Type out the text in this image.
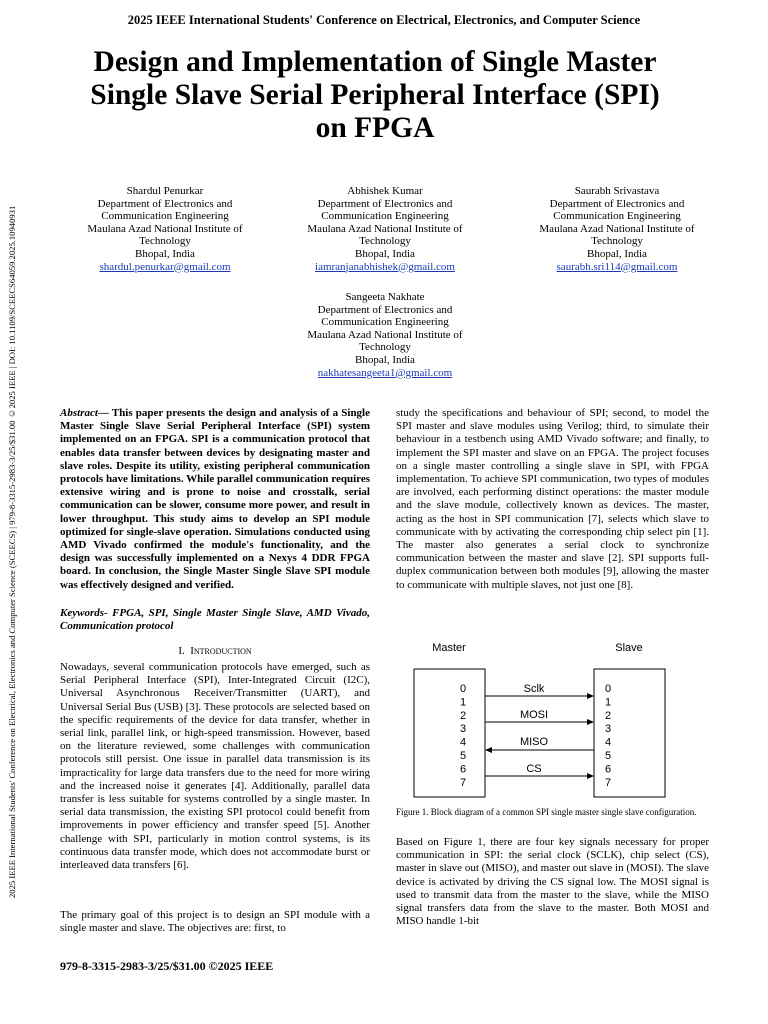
2025 IEEE International Students' Conference on Electrical, Electronics, and Computer Science
2025 IEEE International Students' Conference on Electrical, Electronics and Computer Science (SCEECS) | 979-8-3315-2983-3/25/$31.00 ©2025 IEEE | DOI: 10.1109/SCEECS64059.2025.10940931
Design and Implementation of Single Master Single Slave Serial Peripheral Interface (SPI) on FPGA
Shardul Penurkar
Department of Electronics and
Communication Engineering
Maulana Azad National Institute of
Technology
Bhopal, India
shardul.penurkar@gmail.com
Abhishek Kumar
Department of Electronics and
Communication Engineering
Maulana Azad National Institute of
Technology
Bhopal, India
iamranjanabhishek@gmail.com
Saurabh Srivastava
Department of Electronics and
Communication Engineering
Maulana Azad National Institute of
Technology
Bhopal, India
saurabh.sri114@gmail.com
Sangeeta Nakhate
Department of Electronics and
Communication Engineering
Maulana Azad National Institute of
Technology
Bhopal, India
nakhatesangeeta1@gmail.com
Abstract— This paper presents the design and analysis of a Single Master Single Slave Serial Peripheral Interface (SPI) system implemented on an FPGA. SPI is a communication protocol that enables data transfer between devices by designating master and slave roles. Despite its utility, existing peripheral communication protocols have limitations. While parallel communication requires extensive wiring and is prone to noise and crosstalk, serial communication can be slower, consume more power, and result in lower throughput. This study aims to develop an SPI module optimized for single-slave operation. Simulations conducted using AMD Vivado confirmed the module's functionality, and the design was successfully implemented on a Nexys 4 DDR FPGA board. In conclusion, the Single Master Single Slave SPI module was effectively designed and verified.
Keywords- FPGA, SPI, Single Master Single Slave, AMD Vivado, Communication protocol
I. Introduction
Nowadays, several communication protocols have emerged, such as Serial Peripheral Interface (SPI), Inter-Integrated Circuit (I2C), Universal Asynchronous Receiver/Transmitter (UART), and Universal Serial Bus (USB) [3]. These protocols are selected based on the specific requirements of the device for data transfer, whether in serial link, parallel link, or high-speed transmission. However, based on the literature reviewed, some challenges with communication protocols still persist. One issue in parallel data transmission is its impracticality for large data transfers due to the need for more wiring and the increased noise it generates [4]. Additionally, parallel data transfer is less suitable for systems controlled by a single master. In serial data transmission, the existing SPI protocol could benefit from improvements in power efficiency and transfer speed [5]. Another challenge with SPI, particularly in motion control systems, is its continuous data transfer mode, which does not accommodate burst or interleaved data transfers [6].
The primary goal of this project is to design an SPI module with a single master and slave. The objectives are: first, to
study the specifications and behaviour of SPI; second, to model the SPI master and slave modules using Verilog; third, to simulate their behaviour in a testbench using AMD Vivado software; and finally, to implement the SPI master and slave on an FPGA. The project focuses on a single master controlling a single slave in SPI, with FPGA implementation. To achieve SPI communication, two types of modules are involved, each performing distinct operations: the master module and the slave module, collectively known as devices. The master, acting as the host in SPI communication [7], selects which slave to communicate with by activating the corresponding chip select pin [1]. The master also generates a serial clock to synchronize communication between the master and slave [2]. SPI supports full-duplex communication between both modules [9], allowing the master to communicate with multiple slaves, not just one [8].
Master	Slave
0
1
2
3
4
5
6
7
0
1
2
3
4
5
6
7
Sclk
MOSI
MISO
CS
Figure 1. Block diagram of a common SPI single master single slave configuration.
Based on Figure 1, there are four key signals necessary for proper communication in SPI: the serial clock (SCLK), chip select (CS), master in slave out (MISO), and master out slave in (MOSI). The slave device is activated by driving the CS signal low. The MOSI signal is used to transmit data from the master to the slave, while the MISO signal transfers data from the slave to the master. Both MOSI and MISO handle 1-bit
979-8-3315-2983-3/25/$31.00 ©2025 IEEE
